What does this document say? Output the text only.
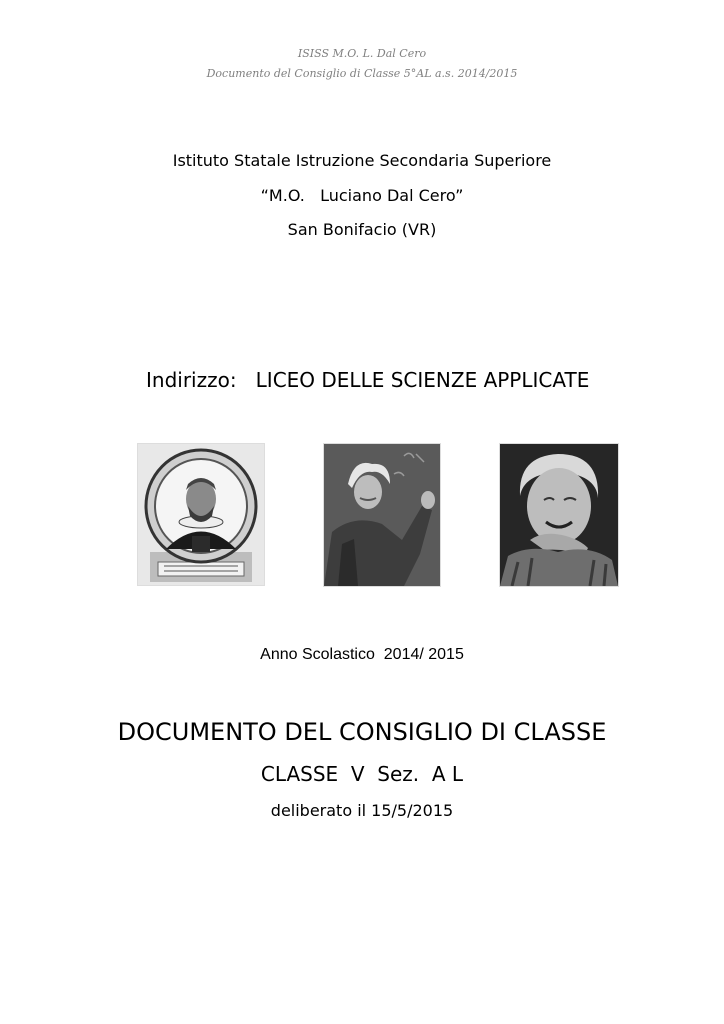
ISISS M.O. L. Dal Cero
Documento del Consiglio di Classe 5°AL a.s. 2014/2015
Istituto Statale Istruzione Secondaria Superiore
“M.O.   Luciano Dal Cero”
San Bonifacio (VR)
Indirizzo: LICEO DELLE SCIENZE APPLICATE
Anno Scolastico  2014/ 2015
DOCUMENTO DEL CONSIGLIO DI CLASSE
CLASSE  V  Sez.  A L
deliberato il 15/5/2015
